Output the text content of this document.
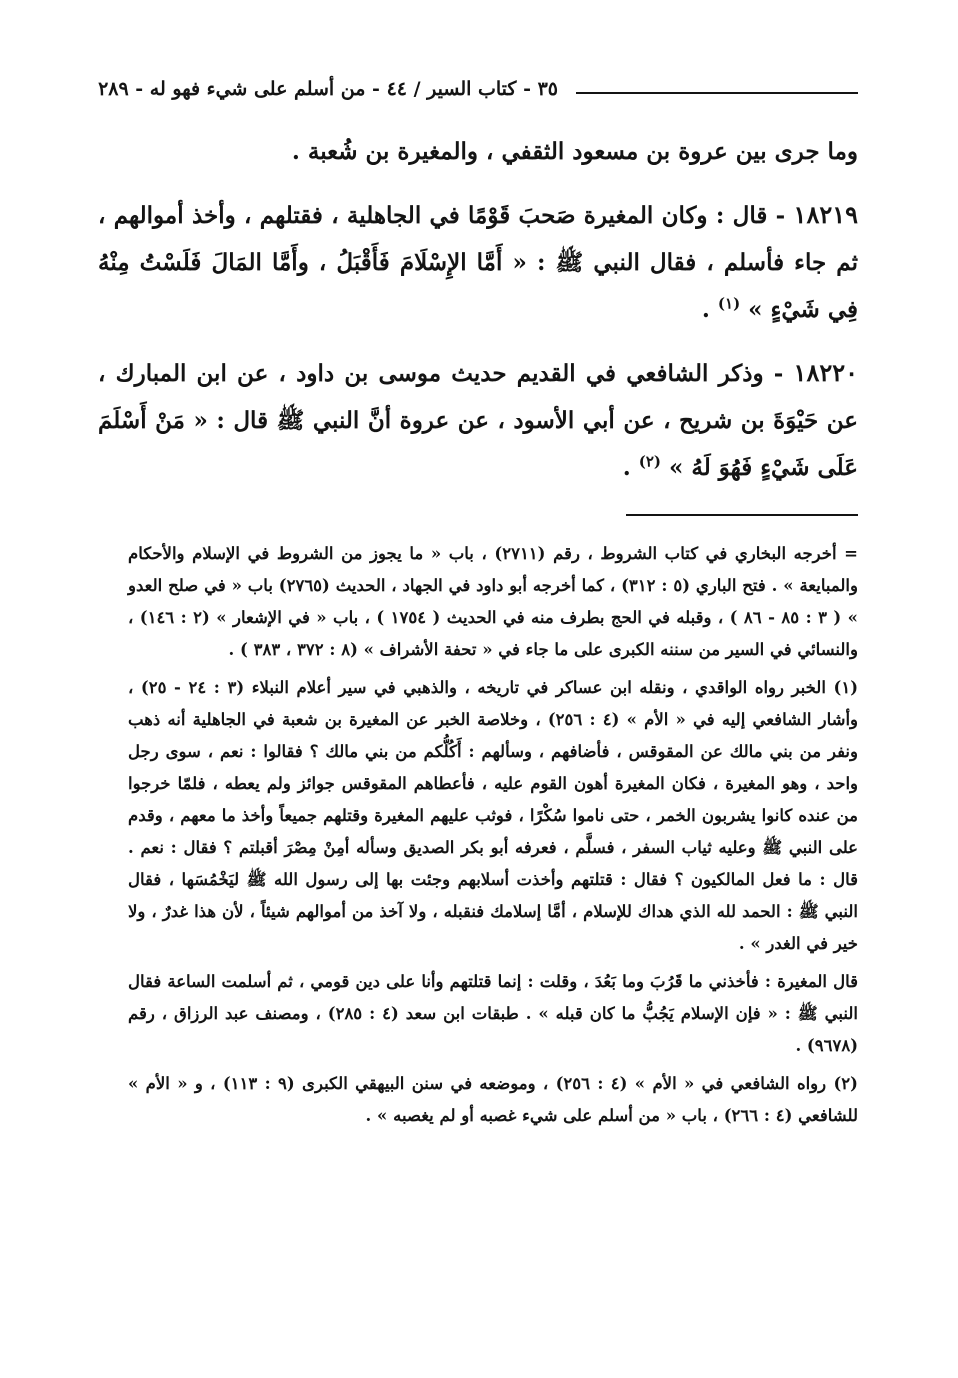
٣٥ - كتاب السير / ٤٤ - من أسلم على شيء فهو له - ٢٨٩

وما جرى بين عروة بن مسعود الثقفي ، والمغيرة بن شُعبة .

١٨٢١٩ - قال : وكان المغيرة صَحبَ قَوْمًا في الجاهلية ، فقتلهم ، وأخذ أموالهم ، ثم جاء فأسلم ، فقال النبي ﷺ : « أَمَّا الإِسْلَامَ فَأَقْبَلُ ، وأَمَّا المَالَ فَلَسْتُ مِنْهُ فِي شَيْءٍ » $^{(١)}$ .

١٨٢٢٠ - وذكر الشافعي في القديم حديث موسى بن داود ، عن ابن المبارك ، عن حَيْوَةَ بن شريح ، عن أبي الأسود ، عن عروة أنَّ النبي ﷺ قال : « مَنْ أَسْلَمَ عَلَى شَيْءٍ فَهُوَ لَهُ » $^{(٢)}$ .

= أخرجه البخاري في كتاب الشروط ، رقم (٢٧١١) ، باب « ما يجوز من الشروط في الإسلام والأحكام والمبايعة » . فتح الباري (٥ : ٣١٢) ، كما أخرجه أبو داود في الجهاد ، الحديث (٢٧٦٥) باب « في صلح العدو » ( ٣ : ٨٥ - ٨٦ ) ، وقبله في الحج بطرف منه في الحديث ( ١٧٥٤ ) ، باب « في الإشعار » (٢ : ١٤٦) ، والنسائي في السير من سننه الكبرى على ما جاء في « تحفة الأشراف » (٨ : ٣٧٢ ، ٣٨٣ ) .

(١) الخبر رواه الواقدي ، ونقله ابن عساكر في تاريخه ، والذهبي في سير أعلام النبلاء (٣ : ٢٤ - ٢٥) ، وأشار الشافعي إليه في « الأم » (٤ : ٢٥٦) ، وخلاصة الخبر عن المغيرة بن شعبة في الجاهلية أنه ذهب ونفر من بني مالك عن المقوقس ، فأضافهم ، وسألهم : أَكُلُّكم من بني مالك ؟ فقالوا : نعم ، سوى رجل واحد ، وهو المغيرة ، فكان المغيرة أهون القوم عليه ، فأعطاهم المقوقس جوائز ولم يعطه ، فلمّا خرجوا من عنده كانوا يشربون الخمر ، حتى ناموا سُكْرًا ، فوثب عليهم المغيرة وقتلهم جميعاً وأخذ ما معهم ، وقدم على النبي ﷺ وعليه ثياب السفر ، فسلَّم ، فعرفه أبو بكر الصديق وسأله أمِنْ مِصْرَ أقبلتم ؟ فقال : نعم . قال : ما فعل المالكيون ؟ فقال : قتلتهم وأخذت أسلابهم وجئت بها إلى رسول الله ﷺ ليَخْمُسَها ، فقال النبي ﷺ : الحمد لله الذي هداك للإسلام ، أمَّا إسلامك فنقبله ، ولا آخذ من أموالهم شيئاً ، لأن هذا غدرٌ ، ولا خير في الغدر » .

قال المغيرة : فأخذني ما قَرُبَ وما بَعُدَ ، وقلت : إنما قتلتهم وأنا على دين قومي ، ثم أسلمت الساعة فقال النبي ﷺ : « فإن الإسلام يَجُبُّ ما كان قبله » . طبقات ابن سعد (٤ : ٢٨٥) ، ومصنف عبد الرزاق ، رقم (٩٦٧٨) .

(٢) رواه الشافعي في « الأم » (٤ : ٢٥٦) ، وموضعه في سنن البيهقي الكبرى (٩ : ١١٣) ، و « الأم » للشافعي (٤ : ٢٦٦) ، باب « من أسلم على شيء غصبه أو لم يغصبه » .
